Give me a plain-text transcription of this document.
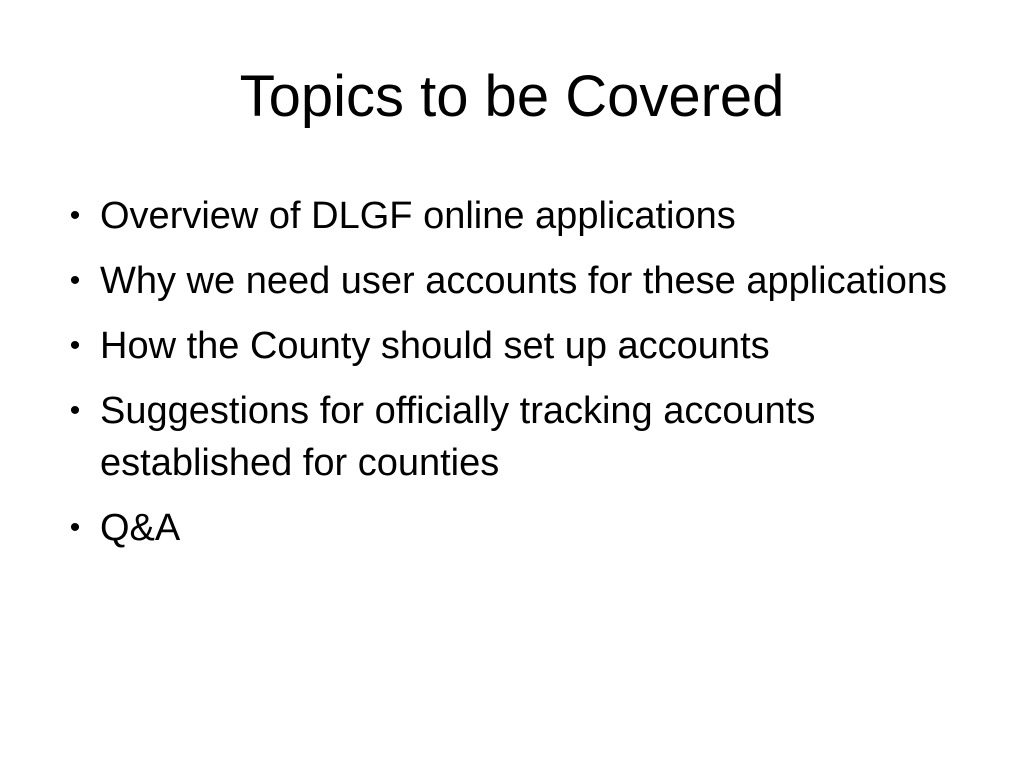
Topics to be Covered
• Overview of DLGF online applications
• Why we need user accounts for these applications
• How the County should set up accounts
• Suggestions for officially tracking accounts established for counties
• Q&A
